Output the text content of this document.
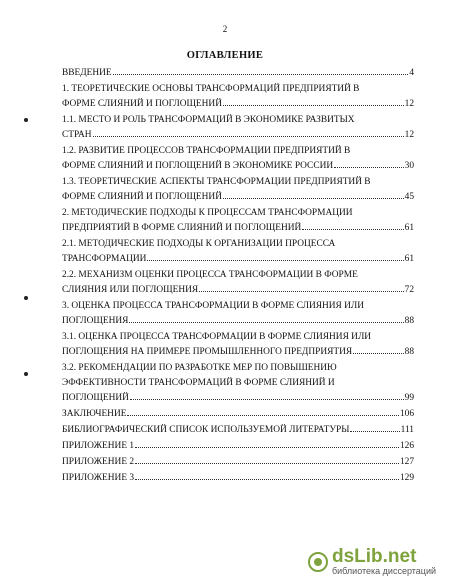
2
ОГЛАВЛЕНИЕ
ВВЕДЕНИЕ	4
1. ТЕОРЕТИЧЕСКИЕ ОСНОВЫ ТРАНСФОРМАЦИЙ ПРЕДПРИЯТИЙ В
ФОРМЕ СЛИЯНИЙ И ПОГЛОЩЕНИЙ	12
1.1. МЕСТО И РОЛЬ ТРАНСФОРМАЦИЙ В ЭКОНОМИКЕ РАЗВИТЫХ
СТРАН	12
1.2. РАЗВИТИЕ ПРОЦЕССОВ ТРАНСФОРМАЦИИ ПРЕДПРИЯТИЙ В
ФОРМЕ СЛИЯНИЙ И ПОГЛОЩЕНИЙ В ЭКОНОМИКЕ РОССИИ	30
1.3. ТЕОРЕТИЧЕСКИЕ АСПЕКТЫ ТРАНСФОРМАЦИИ ПРЕДПРИЯТИЙ В
ФОРМЕ СЛИЯНИЙ И ПОГЛОЩЕНИЙ	45
2. МЕТОДИЧЕСКИЕ ПОДХОДЫ К ПРОЦЕССАМ ТРАНСФОРМАЦИИ
ПРЕДПРИЯТИЙ В ФОРМЕ СЛИЯНИЙ И ПОГЛОЩЕНИЙ	61
2.1. МЕТОДИЧЕСКИЕ ПОДХОДЫ К ОРГАНИЗАЦИИ ПРОЦЕССА
ТРАНСФОРМАЦИИ	61
2.2. МЕХАНИЗМ ОЦЕНКИ ПРОЦЕССА ТРАНСФОРМАЦИИ В ФОРМЕ
СЛИЯНИЯ ИЛИ ПОГЛОЩЕНИЯ	72
3. ОЦЕНКА ПРОЦЕССА ТРАНСФОРМАЦИИ В ФОРМЕ СЛИЯНИЯ ИЛИ
ПОГЛОЩЕНИЯ	88
3.1. ОЦЕНКА ПРОЦЕССА ТРАНСФОРМАЦИИ В ФОРМЕ СЛИЯНИЯ ИЛИ
ПОГЛОЩЕНИЯ НА ПРИМЕРЕ ПРОМЫШЛЕННОГО ПРЕДПРИЯТИЯ	88
3.2. РЕКОМЕНДАЦИИ ПО РАЗРАБОТКЕ МЕР ПО ПОВЫШЕНИЮ
ЭФФЕКТИВНОСТИ ТРАНСФОРМАЦИЙ В ФОРМЕ СЛИЯНИЙ И
ПОГЛОЩЕНИЙ	99
ЗАКЛЮЧЕНИЕ	106
БИБЛИОГРАФИЧЕСКИЙ СПИСОК ИСПОЛЬЗУЕМОЙ ЛИТЕРАТУРЫ	111
ПРИЛОЖЕНИЕ 1	126
ПРИЛОЖЕНИЕ 2	127
ПРИЛОЖЕНИЕ 3	129
dsLib.net
библиотека диссертаций
